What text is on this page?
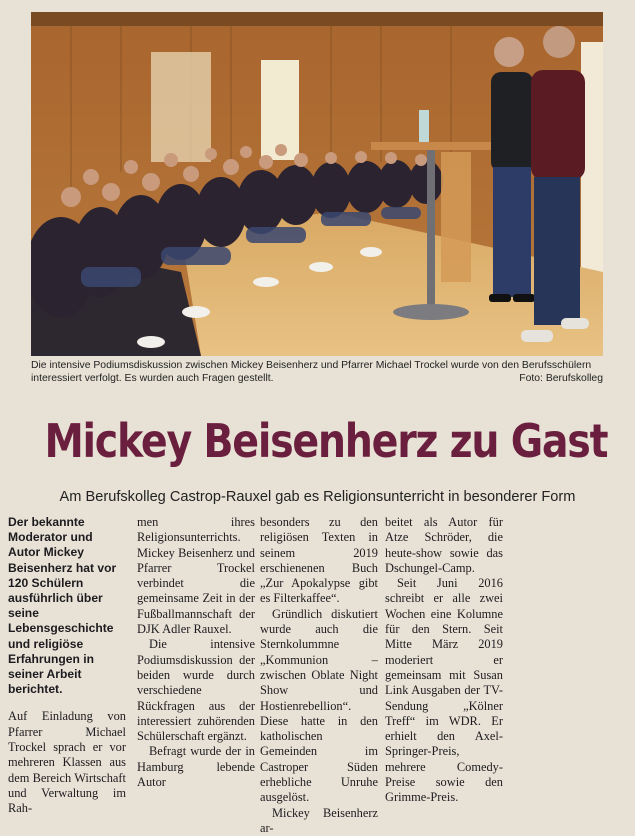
Die intensive Podiumsdiskussion zwischen Mickey Beisenherz und Pfarrer Michael Trockel wurde von den Berufsschülern interessiert verfolgt. Es wurden auch Fragen gestellt.	Foto: Berufskolleg
Mickey Beisenherz zu Gast
Am Berufskolleg Castrop-Rauxel gab es Religionsunterricht in besonderer Form

Der bekannte Moderator und Autor Mickey Beisenherz hat vor 120 Schülern ausführlich über seine Lebensgeschichte und religiöse Erfahrungen in seiner Arbeit berichtet.

Auf Einladung von Pfarrer Michael Trockel sprach er vor mehreren Klassen aus dem Bereich Wirtschaft und Verwaltung im Rah-

men ihres Religionsunterrichts. Mickey Beisenherz und Pfarrer Trockel verbindet die gemeinsame Zeit in der Fußballmannschaft der DJK Adler Rauxel.

Die intensive Podiumsdiskussion der beiden wurde durch verschiedene Rückfragen aus der interessiert zuhörenden Schülerschaft ergänzt.

Befragt wurde der in Hamburg lebende Autor

besonders zu den religiösen Texten in seinem 2019 erschienenen Buch „Zur Apokalypse gibt es Filterkaffee“.

Gründlich diskutiert wurde auch die Sternkolummne „Kommunion – zwischen Oblate Night Show und Hostienrebellion“. Diese hatte in den katholischen Gemeinden im Castroper Süden erhebliche Unruhe ausgelöst.

Mickey Beisenherz ar-

beitet als Autor für Atze Schröder, die heute-show sowie das Dschungel-Camp.

Seit Juni 2016 schreibt er alle zwei Wochen eine Kolumne für den Stern. Seit Mitte März 2019 moderiert er gemeinsam mit Susan Link Ausgaben der TV-Sendung „Kölner Treff“ im WDR. Er erhielt den Axel-Springer-Preis, mehrere Comedy-Preise sowie den Grimme-Preis.
